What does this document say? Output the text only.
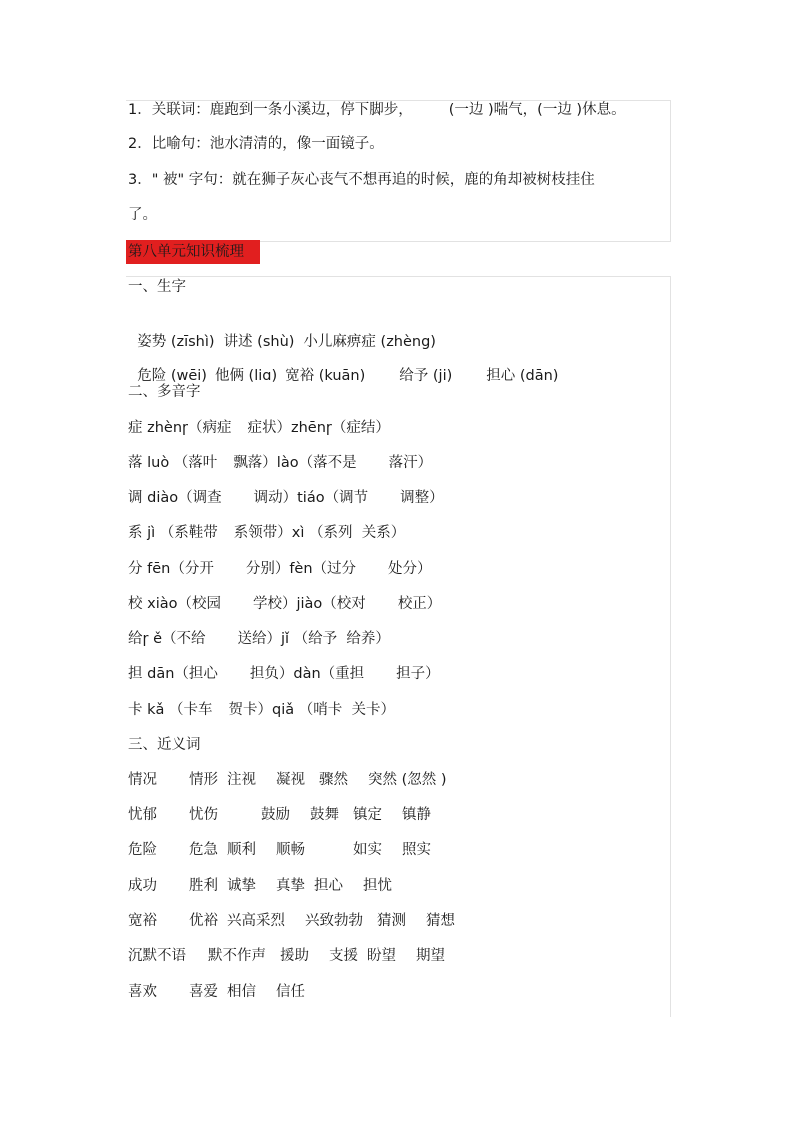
1．关联词：鹿跑到一条小溪边，停下脚步， (一边 )喘气，(一边 )休息。
2．比喻句：池水清清的，像一面镜子。
3．" 被" 字句：就在狮子灰心丧气不想再追的时候，鹿的角却被树枝挂住
了。
第八单元知识梳理
一、生字

姿势 (zīshì) 讲述 (shù) 小儿麻痹症 (zhèng)

危险 (wēi) 他俩 (liɑ) 宽裕 (kuān) 给予 (ji) 担心 (dān)

二、多音字
症 zhènɼ（病症 症状）zhēnɼ（症结）
落 luò （落叶 飘落）lào（落不是 落汗）
调 diào（调查 调动）tiáo（调节 调整）
系 jì （系鞋带 系领带）xì （系列  关系）
分 fēn（分开 分别）fèn（过分 处分）
校 xiào（校园 学校）jiào（校对 校正）
给ɼ ě（不给 送给）jǐ （给予  给养）
担 dān（担心 担负）dàn（重担 担子）
卡 kǎ （卡车 贺卡）qiǎ （哨卡  关卡）
三、近义词
情况 情形 注视 凝视 骤然 突然 (忽然 )
忧郁 忧伤	鼓励 鼓舞 镇定 镇静
危险 危急 顺利 顺畅	如实 照实
成功 胜利 诚挚 真挚 担心 担忧
宽裕 优裕 兴高采烈 兴致勃勃 猜测 猜想
沉默不语 默不作声 援助 支援 盼望 期望
喜欢 喜爱 相信 信任
